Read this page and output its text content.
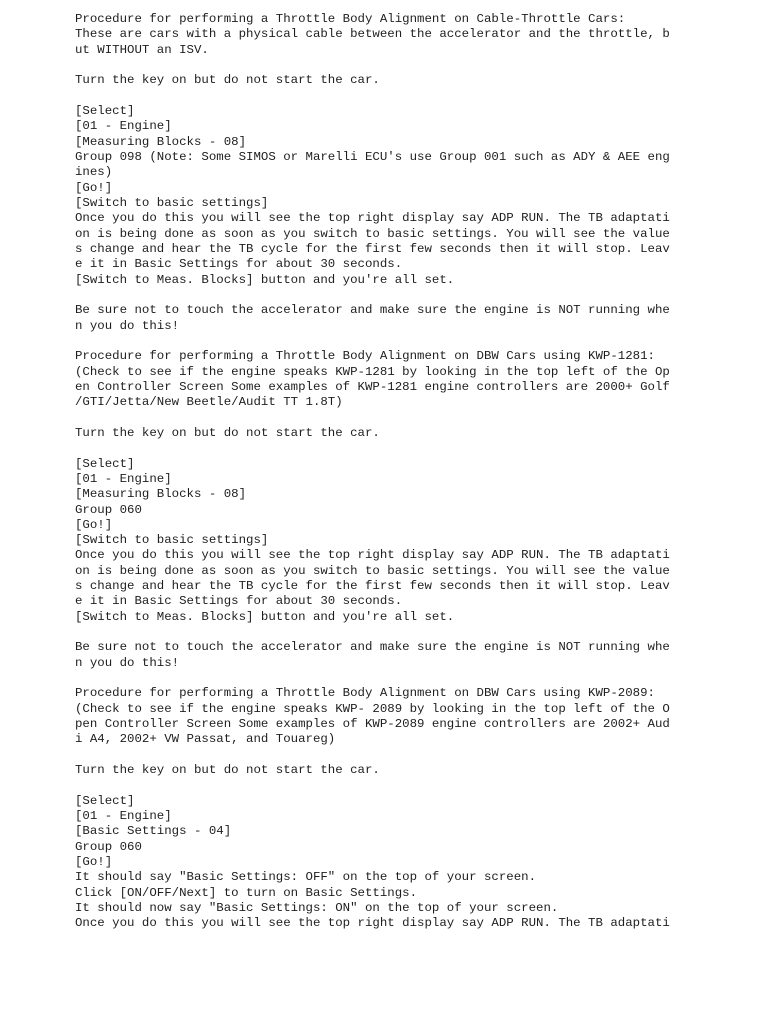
Procedure for performing a Throttle Body Alignment on Cable-Throttle Cars:
These are cars with a physical cable between the accelerator and the throttle, b
ut WITHOUT an ISV.
Turn the key on but do not start the car.
[Select]
[01 - Engine]
[Measuring Blocks - 08]
Group 098 (Note: Some SIMOS or Marelli ECU's use Group 001 such as ADY & AEE eng
ines)
[Go!]
[Switch to basic settings]
Once you do this you will see the top right display say ADP RUN. The TB adaptati
on is being done as soon as you switch to basic settings. You will see the value
s change and hear the TB cycle for the first few seconds then it will stop. Leav
e it in Basic Settings for about 30 seconds.
[Switch to Meas. Blocks] button and you're all set.
Be sure not to touch the accelerator and make sure the engine is NOT running whe
n you do this!
Procedure for performing a Throttle Body Alignment on DBW Cars using KWP-1281:
(Check to see if the engine speaks KWP-1281 by looking in the top left of the Op
en Controller Screen Some examples of KWP-1281 engine controllers are 2000+ Golf
/GTI/Jetta/New Beetle/Audit TT 1.8T)
Turn the key on but do not start the car.
[Select]
[01 - Engine]
[Measuring Blocks - 08]
Group 060
[Go!]
[Switch to basic settings]
Once you do this you will see the top right display say ADP RUN. The TB adaptati
on is being done as soon as you switch to basic settings. You will see the value
s change and hear the TB cycle for the first few seconds then it will stop. Leav
e it in Basic Settings for about 30 seconds.
[Switch to Meas. Blocks] button and you're all set.
Be sure not to touch the accelerator and make sure the engine is NOT running whe
n you do this!
Procedure for performing a Throttle Body Alignment on DBW Cars using KWP-2089:
(Check to see if the engine speaks KWP- 2089 by looking in the top left of the O
pen Controller Screen Some examples of KWP-2089 engine controllers are 2002+ Aud
i A4, 2002+ VW Passat, and Touareg)
Turn the key on but do not start the car.
[Select]
[01 - Engine]
[Basic Settings - 04]
Group 060
[Go!]
It should say "Basic Settings: OFF" on the top of your screen.
Click [ON/OFF/Next] to turn on Basic Settings.
It should now say "Basic Settings: ON" on the top of your screen.
Once you do this you will see the top right display say ADP RUN. The TB adaptati
